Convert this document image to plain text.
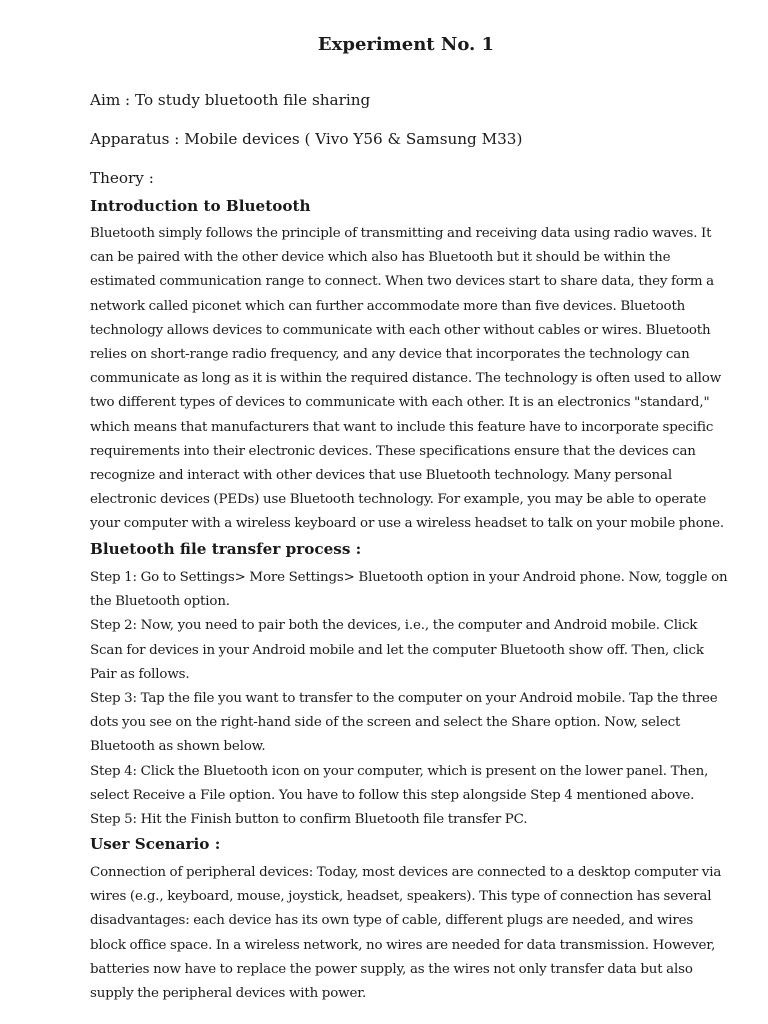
Experiment No. 1

Aim : To study bluetooth file sharing

Apparatus : Mobile devices ( Vivo Y56 & Samsung M33)

Theory :

Introduction to Bluetooth

Bluetooth simply follows the principle of transmitting and receiving data using radio waves. It can be paired with the other device which also has Bluetooth but it should be within the estimated communication range to connect. When two devices start to share data, they form a network called piconet which can further accommodate more than five devices. Bluetooth technology allows devices to communicate with each other without cables or wires. Bluetooth relies on short-range radio frequency, and any device that incorporates the technology can communicate as long as it is within the required distance. The technology is often used to allow two different types of devices to communicate with each other. It is an electronics "standard," which means that manufacturers that want to include this feature have to incorporate specific requirements into their electronic devices. These specifications ensure that the devices can recognize and interact with other devices that use Bluetooth technology. Many personal electronic devices (PEDs) use Bluetooth technology. For example, you may be able to operate your computer with a wireless keyboard or use a wireless headset to talk on your mobile phone.

Bluetooth file transfer process :

Step 1: Go to Settings> More Settings> Bluetooth option in your Android phone. Now, toggle on the Bluetooth option.

Step 2: Now, you need to pair both the devices, i.e., the computer and Android mobile. Click Scan for devices in your Android mobile and let the computer Bluetooth show off. Then, click Pair as follows.

Step 3: Tap the file you want to transfer to the computer on your Android mobile. Tap the three dots you see on the right-hand side of the screen and select the Share option. Now, select Bluetooth as shown below.

Step 4: Click the Bluetooth icon on your computer, which is present on the lower panel. Then, select Receive a File option. You have to follow this step alongside Step 4 mentioned above.

Step 5: Hit the Finish button to confirm Bluetooth file transfer PC.

User Scenario :

Connection of peripheral devices: Today, most devices are connected to a desktop computer via wires (e.g., keyboard, mouse, joystick, headset, speakers). This type of connection has several disadvantages: each device has its own type of cable, different plugs are needed, and wires block office space. In a wireless network, no wires are needed for data transmission. However, batteries now have to replace the power supply, as the wires not only transfer data but also supply the peripheral devices with power.
